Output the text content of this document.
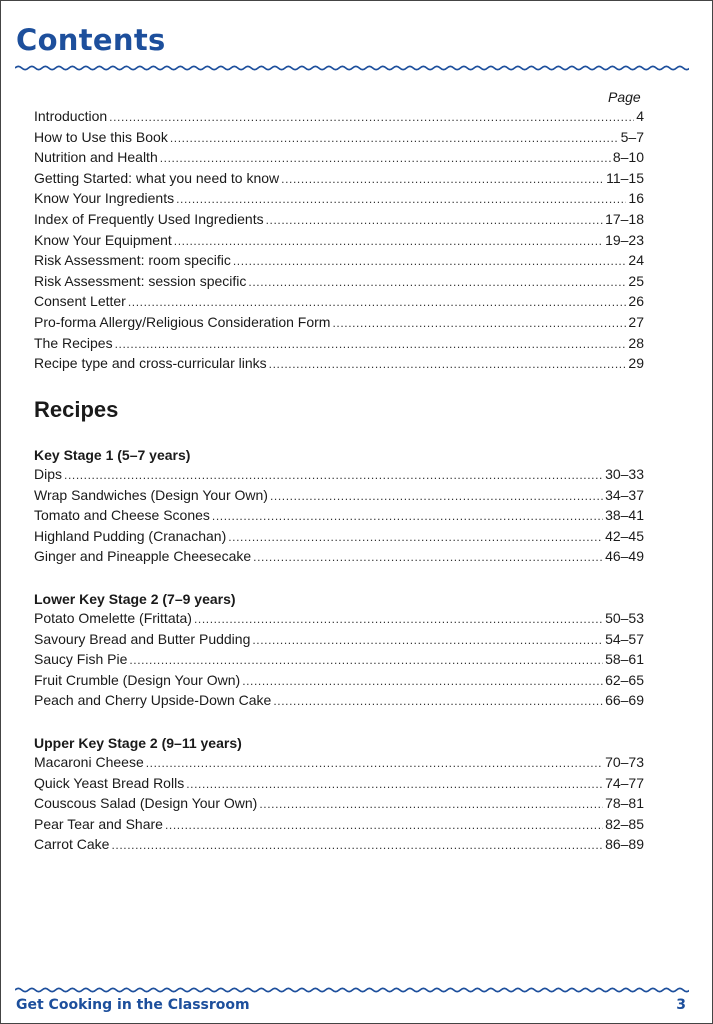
Contents
Page
Introduction .....	4
How to Use this Book .....	5–7
Nutrition and Health .....	8–10
Getting Started: what you need to know .....	11–15
Know Your Ingredients .....	16
Index of Frequently Used Ingredients .....	17–18
Know Your Equipment .....	19–23
Risk Assessment: room specific .....	24
Risk Assessment: session specific .....	25
Consent Letter .....	26
Pro-forma Allergy/Religious Consideration Form .....	27
The Recipes .....	28
Recipe type and cross-curricular links .....	29
Recipes
Key Stage 1 (5–7 years)
Dips .....	30–33
Wrap Sandwiches (Design Your Own) .....	34–37
Tomato and Cheese Scones .....	38–41
Highland Pudding (Cranachan) .....	42–45
Ginger and Pineapple Cheesecake .....	46–49
Lower Key Stage 2 (7–9 years)
Potato Omelette (Frittata) .....	50–53
Savoury Bread and Butter Pudding .....	54–57
Saucy Fish Pie .....	58–61
Fruit Crumble (Design Your Own) .....	62–65
Peach and Cherry Upside-Down Cake .....	66–69
Upper Key Stage 2 (9–11 years)
Macaroni Cheese .....	70–73
Quick Yeast Bread Rolls .....	74–77
Couscous Salad (Design Your Own) .....	78–81
Pear Tear and Share .....	82–85
Carrot Cake .....	86–89
Get Cooking in the Classroom	3
